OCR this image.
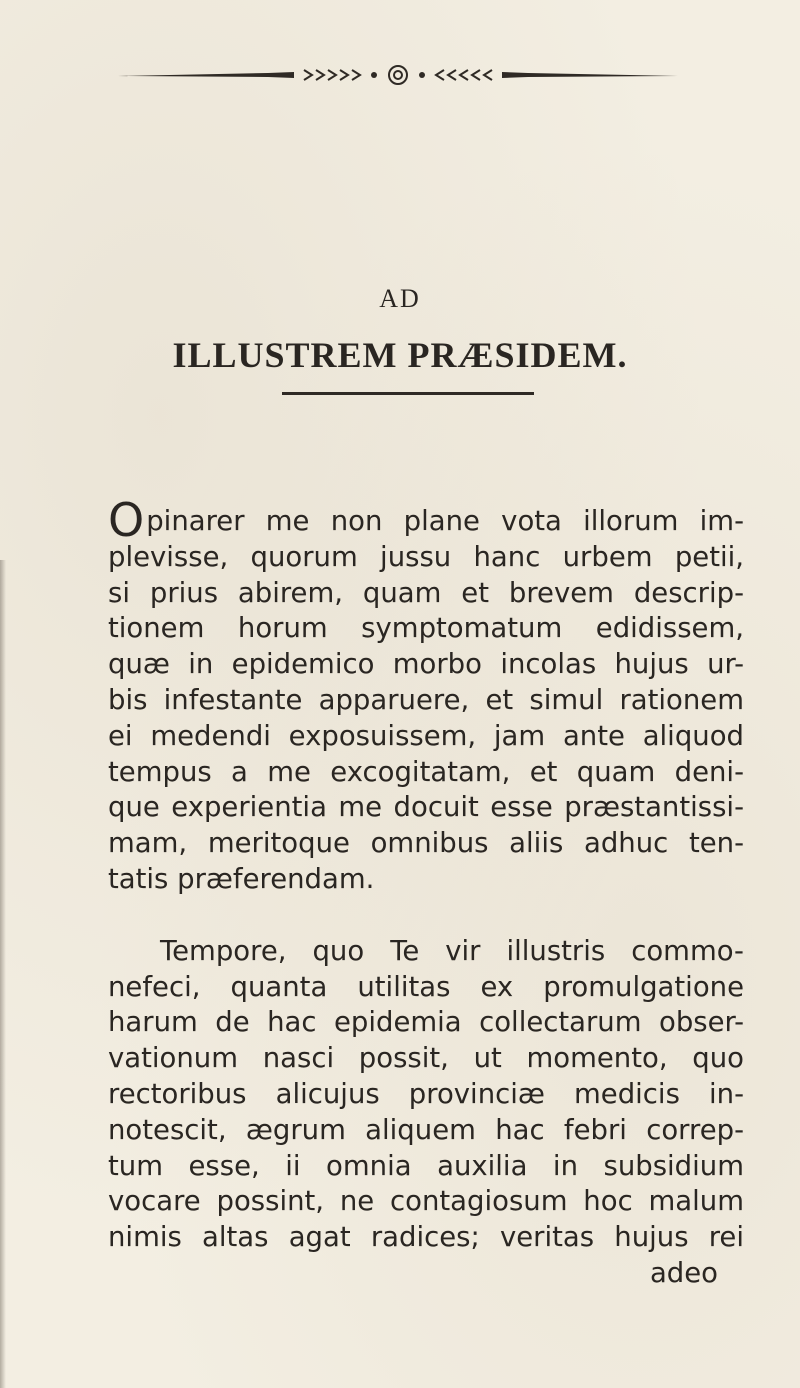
AD
ILLUSTREM PRÆSIDEM.
Opinarer me non plane vota illorum im-
plevisse, quorum jussu hanc urbem petii,
si prius abirem, quam et brevem descrip-
tionem horum symptomatum edidissem,
quæ in epidemico morbo incolas hujus ur-
bis infestante apparuere, et simul rationem
ei medendi exposuissem, jam ante aliquod
tempus a me excogitatam, et quam deni-
que experientia me docuit esse præstantissi-
mam, meritoque omnibus aliis adhuc ten-
tatis præferendam.
Tempore, quo Te vir illustris commo-
nefeci, quanta utilitas ex promulgatione
harum de hac epidemia collectarum obser-
vationum nasci possit, ut momento, quo
rectoribus alicujus provinciæ medicis in-
notescit, ægrum aliquem hac febri correp-
tum esse, ii omnia auxilia in subsidium
vocare possint, ne contagiosum hoc malum
nimis altas agat radices; veritas hujus rei
adeo
